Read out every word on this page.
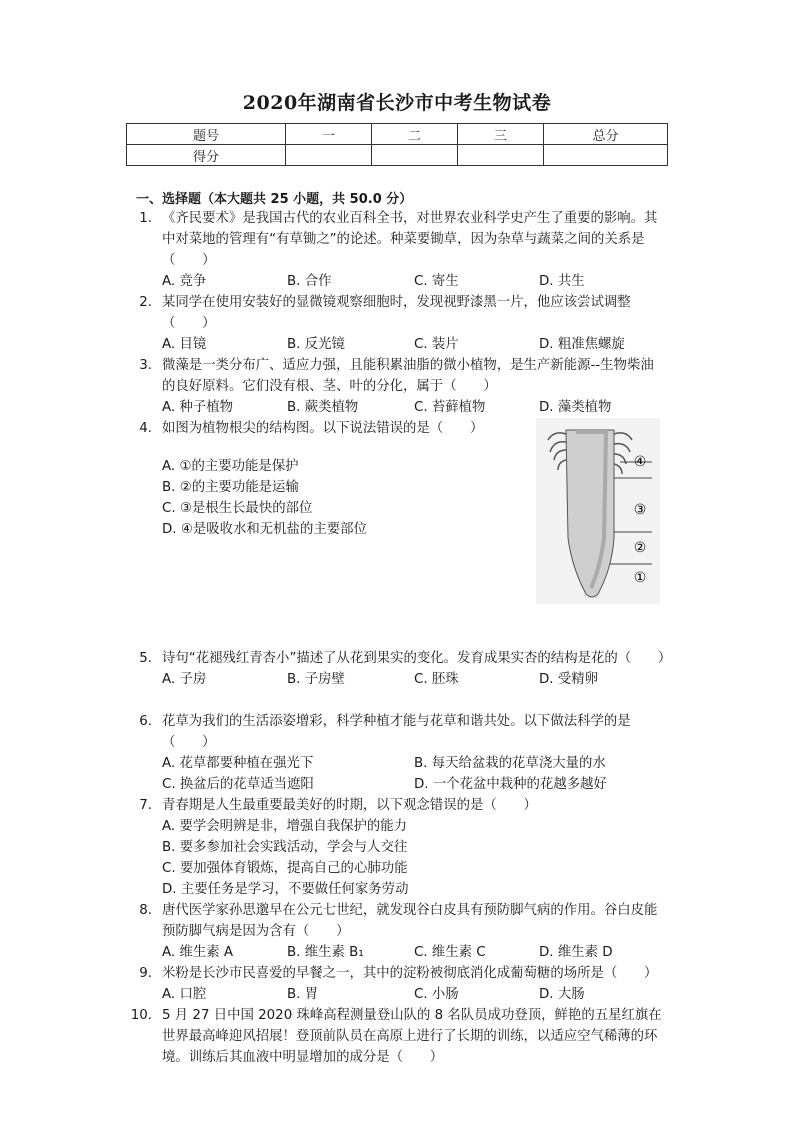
2020年湖南省长沙市中考生物试卷
题号	一	二	三	总分
得分				
一、选择题（本大题共 25 小题，共 50.0 分）
1. 《齐民要术》是我国古代的农业百科全书，对世界农业科学史产生了重要的影响。其中对菜地的管理有“有草锄之”的论述。种菜要锄草，因为杂草与蔬菜之间的关系是（　　）
A. 竞争	B. 合作	C. 寄生	D. 共生
2. 某同学在使用安装好的显微镜观察细胞时，发现视野漆黑一片，他应该尝试调整（　　）
A. 目镜	B. 反光镜	C. 装片	D. 粗准焦螺旋
3. 微藻是一类分布广、适应力强，且能积累油脂的微小植物，是生产新能源--生物柴油的良好原料。它们没有根、茎、叶的分化，属于（　　）
A. 种子植物	B. 蕨类植物	C. 苔藓植物	D. 藻类植物
4. 如图为植物根尖的结构图。以下说法错误的是（　　）
A. ①的主要功能是保护
B. ②的主要功能是运输
C. ③是根生长最快的部位
D. ④是吸收水和无机盐的主要部位
④
③
②
①
5. 诗句“花褪残红青杏小”描述了从花到果实的变化。发育成果实杏的结构是花的（　　）
A. 子房	B. 子房壁	C. 胚珠	D. 受精卵
6. 花草为我们的生活添姿增彩，科学种植才能与花草和谐共处。以下做法科学的是（　　）
A. 花草都要种植在强光下	B. 每天给盆栽的花草浇大量的水
C. 换盆后的花草适当遮阳	D. 一个花盆中栽种的花越多越好
7. 青春期是人生最重要最美好的时期，以下观念错误的是（　　）
A. 要学会明辨是非，增强自我保护的能力
B. 要多参加社会实践活动，学会与人交往
C. 要加强体育锻炼，提高自己的心肺功能
D. 主要任务是学习，不要做任何家务劳动
8. 唐代医学家孙思邈早在公元七世纪，就发现谷白皮具有预防脚气病的作用。谷白皮能预防脚气病是因为含有（　　）
A. 维生素 A	B. 维生素 B₁	C. 维生素 C	D. 维生素 D
9. 米粉是长沙市民喜爱的早餐之一，其中的淀粉被彻底消化成葡萄糖的场所是（　　）
A. 口腔	B. 胃	C. 小肠	D. 大肠
10. 5 月 27 日中国 2020 珠峰高程测量登山队的 8 名队员成功登顶，鲜艳的五星红旗在世界最高峰迎风招展！登顶前队员在高原上进行了长期的训练，以适应空气稀薄的环境。训练后其血液中明显增加的成分是（　　）
